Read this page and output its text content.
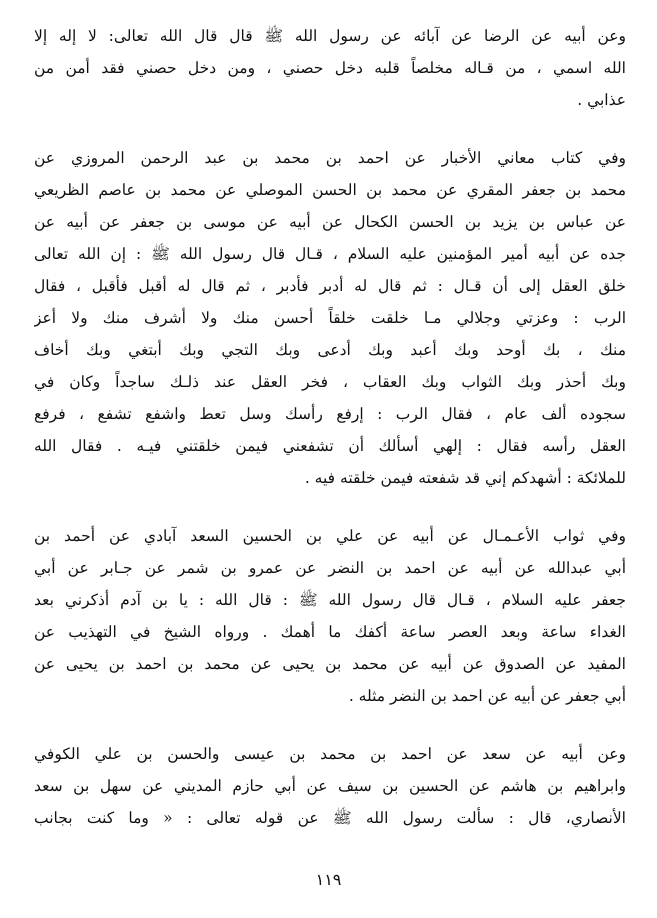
وعن أبيه عن الرضا عن آبائه عن رسول الله ﷺ قال قال الله تعالى: لا إله إلا
الله اسمي ، من قـاله مخلصاً قلبه دخل حصني ، ومن دخل حصني فقد أمن من
عذابي .
وفي كتاب معاني الأخبار عن احمد بن محمد بن عبد الرحمن المروزي عن
محمد بن جعفر المقري عن محمد بن الحسن الموصلي عن محمد بن عاصم الظريعي
عن عباس بن يزيد بن الحسن الكحال عن أبيه عن موسى بن جعفر عن أبيه عن
جده عن أبيه أمير المؤمنين عليه السلام ، قـال قال رسول الله ﷺ : إن الله تعالى
خلق العقل إلى أن قـال : ثم قال له أدبر فأدبر ، ثم قال له أقبل فأقبل ، فقال
الرب : وعزتي وجلالي مـا خلقت خلقاً أحسن منك ولا أشرف منك ولا أعز
منك ، بك أوحد وبك أعبد وبك أدعى وبك التجي وبك أبتغي وبك أخاف
وبك أحذر وبك الثواب وبك العقاب ، فخر العقل عند ذلـك ساجداً وكان في
سجوده ألف عام ، فقال الرب : إرفع رأسك وسل تعط واشفع تشفع ، فرفع
العقل رأسه فقال : إلهي أسألك أن تشفعني فيمن خلقتني فيـه . فقال الله
للملائكة : أشهدكم إني قد شفعته فيمن خلقته فيه .
وفي ثواب الأعـمـال عن أبيه عن علي بن الحسين السعد آبادي عن أحمد بن
أبي عبدالله عن أبيه عن احمد بن النضر عن عمرو بن شمر عن جـابر عن أبي
جعفر عليه السلام ، قـال قال رسول الله ﷺ : قال الله : يا بن آدم أذكرني بعد
الغداء ساعة وبعد العصر ساعة أكفك ما أهمك . ورواه الشيخ في التهذيب عن
المفيد عن الصدوق عن أبيه عن محمد بن يحيى عن محمد بن احمد بن يحيى عن
أبي جعفر عن أبيه عن احمد بن النضر مثله .
وعن أبيه عن سعد عن احمد بن محمد بن عيسى والحسن بن علي الكوفي
وابراهيم بن هاشم عن الحسين بن سيف عن أبي حازم المديني عن سهل بن سعد
الأنصاري، قال : سألت رسول الله ﷺ عن قوله تعالى : « وما كنت بجانب
١١٩
